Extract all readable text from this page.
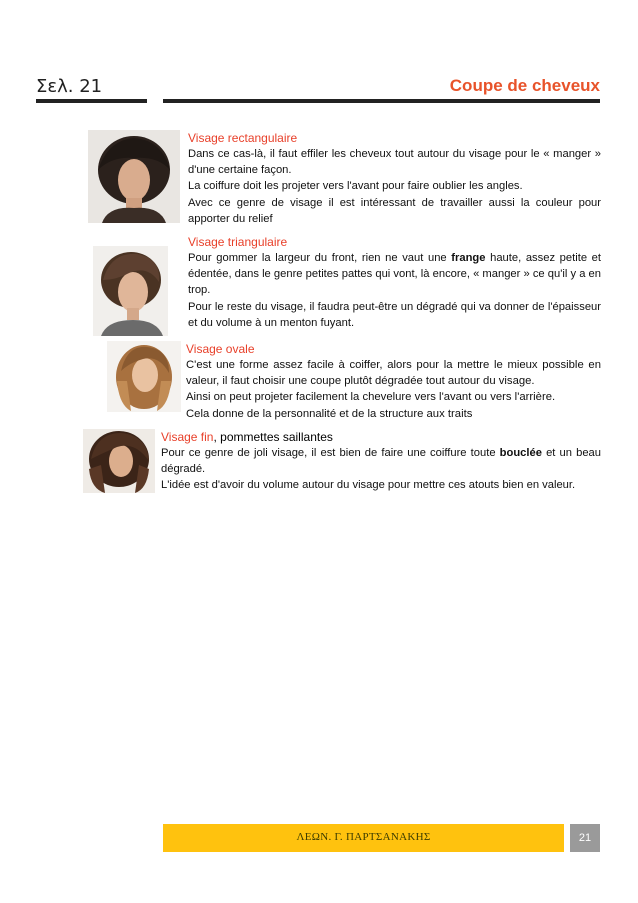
Σελ. 21	Coupe de cheveux
Visage rectangulaire

Dans ce cas-là, il faut effiler les cheveux tout autour du visage pour le « manger » d'une certaine façon.

La coiffure doit les projeter vers l'avant pour faire oublier les angles.

Avec ce genre de visage il est intéressant de travailler aussi la couleur pour apporter du relief

Visage triangulaire

Pour gommer la largeur du front, rien ne vaut une frange haute, assez petite et édentée, dans le genre petites pattes qui vont, là encore, « manger » ce qu'il y a en trop.

Pour le reste du visage, il faudra peut-être un dégradé qui va donner de l'épaisseur et du volume à un menton fuyant.

Visage ovale

C'est une forme assez facile à coiffer, alors pour la mettre le mieux possible en valeur, il faut choisir une coupe plutôt dégradée tout autour du visage.

Ainsi on peut projeter facilement la chevelure vers l'avant ou vers l'arrière.

Cela donne de la personnalité et de la structure aux traits

Visage fin, pommettes saillantes

Pour ce genre de joli visage, il est bien de faire une coiffure toute bouclée et un beau dégradé.

L'idée est d'avoir du volume autour du visage pour mettre ces atouts bien en valeur.

ΛΕΩΝ. Γ. ΠΑΡΤΣΑΝΑΚΗΣ	21
